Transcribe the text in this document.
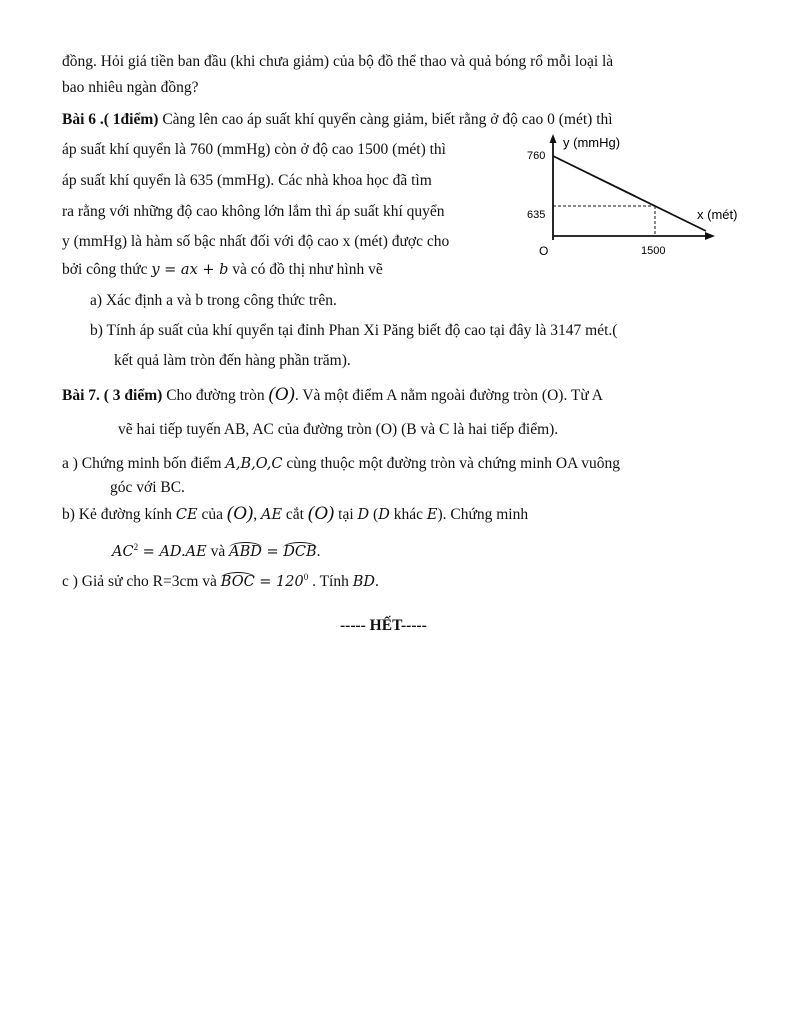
đồng. Hỏi giá tiền ban đầu (khi chưa giảm) của bộ đồ thể thao và quả bóng rổ mỗi loại là
bao nhiêu ngàn đồng?
Bài 6 .( 1điểm) Càng lên cao áp suất khí quyển càng giảm, biết rằng ở độ cao 0 (mét) thì
áp suất khí quyển là 760 (mmHg) còn ở độ cao 1500 (mét) thì
áp suất khí quyển là 635 (mmHg). Các nhà khoa học đã tìm
ra rằng với những độ cao không lớn lắm thì áp suất khí quyển
y (mmHg) là hàm số bậc nhất đối với độ cao x (mét) được cho
bởi công thức y = ax + b và có đồ thị như hình vẽ
y (mmHg)
x (mét)
O
760
635
1500
a) Xác định a và b trong công thức trên.
b) Tính áp suất của khí quyển tại đỉnh Phan Xi Păng biết độ cao tại đây là 3147 mét.(
kết quả làm tròn đến hàng phần trăm).
Bài 7. ( 3 điểm) Cho đường tròn (O). Và một điểm A nằm ngoài đường tròn (O). Từ A
vẽ hai tiếp tuyến AB, AC của đường tròn (O) (B và C là hai tiếp điểm).
a ) Chứng minh bốn điểm A,B,O,C cùng thuộc một đường tròn và chứng minh OA vuông
góc với BC.
b) Kẻ đường kính CE của (O), AE cắt (O) tại D (D khác E). Chứng minh
$AC^2 = AD.AE$ và ABD = DCB.
c ) Giả sử cho R=3cm và BOC = $120^0$ . Tính BD.
----- HẾT-----
